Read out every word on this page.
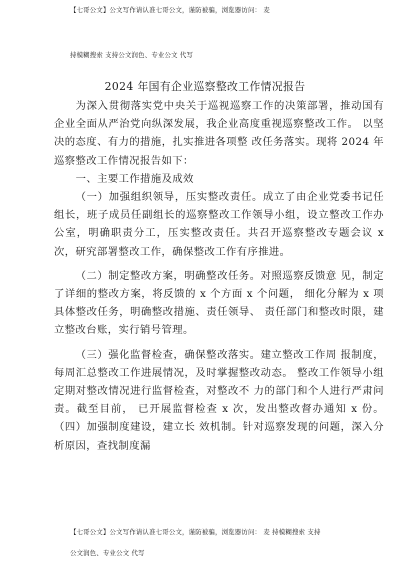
【七哥公文】公文写作请认准七哥公文，谨防被骗，浏览器访问： 麦
持模糊搜索 支持公文润色、专业公文 代写
2024 年国有企业巡察整改工作情况报告

为深入贯彻落实党中央关于巡视巡察工作的决策部署，推动国有企业全面从严治党向纵深发展，我企业高度重视巡察整改工作。 以坚决的态度、有力的措施，扎实推进各项整 改任务落实。现将 2024 年巡察整改工作情况报告如下：

一、主要工作措施及成效

（一）加强组织领导，压实整改责任。成立了由企业党委书记任组长，班子成员任副组长的巡察整改工作领导小组，设立整改工作办公室，明确职责分工，压实整改责任。共召开巡察整改专题会议 x 次，研究部署整改工作，确保整改工作有序推进。

（二）制定整改方案，明确整改任务。对照巡察反馈意 见，制定了详细的整改方案，将反馈的 x 个方面 x 个问题， 细化分解为 x 项具体整改任务，明确整改措施、责任领导、 责任部门和整改时限，建立整改台账，实行销号管理。

（三）强化监督检查，确保整改落实。建立整改工作周 报制度，每周汇总整改工作进展情况，及时掌握整改动态。 整改工作领导小组定期对整改情况进行监督检查，对整改不 力的部门和个人进行严肃问责。截至目前， 已开展监督检查 x 次，发出整改督办通知 x 份。（四）加强制度建设，建立长 效机制。针对巡察发现的问题，深入分析原因，查找制度漏

【七哥公文】公文写作请认准七哥公文，谨防被骗，浏览器访问： 麦 持模糊搜索 支持
公文润色、专业公文 代写
